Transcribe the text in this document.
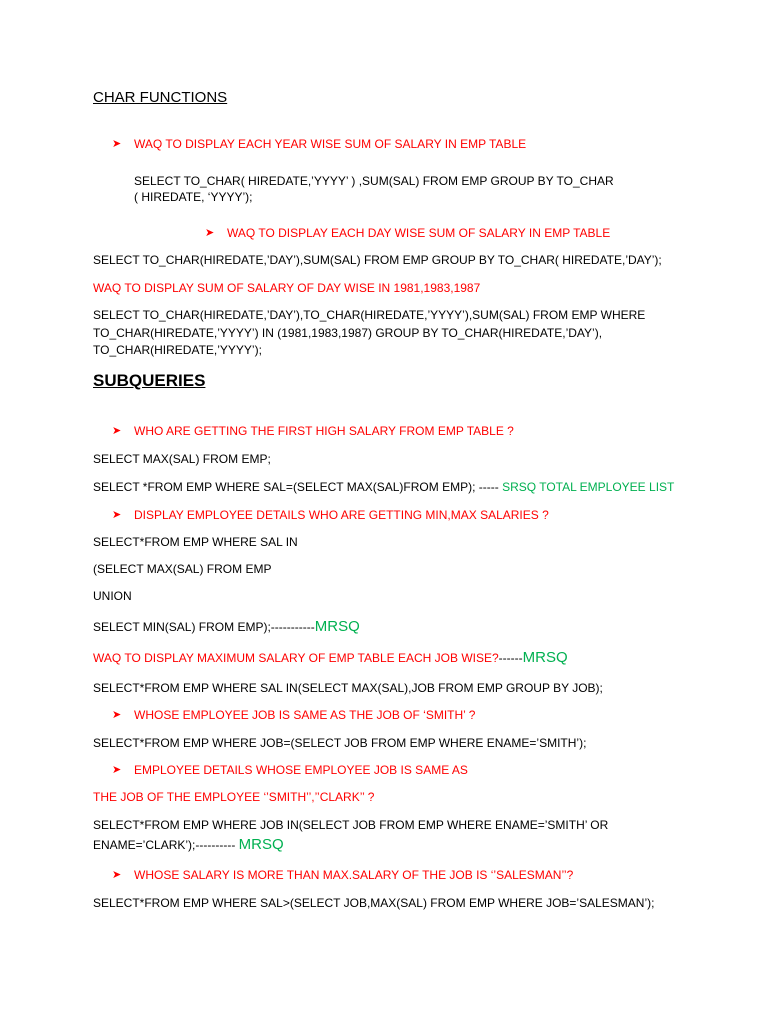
CHAR FUNCTIONS
➤ WAQ TO DISPLAY EACH YEAR WISE SUM OF SALARY IN EMP TABLE
SELECT TO_CHAR( HIREDATE,’YYYY’ ) ,SUM(SAL) FROM EMP GROUP BY TO_CHAR
( HIREDATE, ‘YYYY’);
➤ WAQ TO DISPLAY EACH DAY WISE SUM OF SALARY IN EMP TABLE
SELECT TO_CHAR(HIREDATE,’DAY’),SUM(SAL) FROM EMP GROUP BY TO_CHAR( HIREDATE,’DAY’);
WAQ TO DISPLAY SUM OF SALARY OF DAY WISE IN 1981,1983,1987
SELECT TO_CHAR(HIREDATE,’DAY’),TO_CHAR(HIREDATE,’YYYY’),SUM(SAL) FROM EMP WHERE
TO_CHAR(HIREDATE,’YYYY’) IN (1981,1983,1987) GROUP BY TO_CHAR(HIREDATE,’DAY’),
TO_CHAR(HIREDATE,’YYYY’);
SUBQUERIES
➤ WHO ARE GETTING THE FIRST HIGH SALARY FROM EMP TABLE ?
SELECT MAX(SAL) FROM EMP;
SELECT *FROM EMP WHERE SAL=(SELECT MAX(SAL)FROM EMP); ----- SRSQ TOTAL EMPLOYEE LIST
➤ DISPLAY EMPLOYEE DETAILS WHO ARE GETTING MIN,MAX SALARIES ?
SELECT*FROM EMP WHERE SAL IN
(SELECT MAX(SAL) FROM EMP
UNION
SELECT MIN(SAL) FROM EMP);-----------MRSQ
WAQ TO DISPLAY MAXIMUM SALARY OF EMP TABLE EACH JOB WISE?------MRSQ
SELECT*FROM EMP WHERE SAL IN(SELECT MAX(SAL),JOB FROM EMP GROUP BY JOB);
➤ WHOSE EMPLOYEE JOB IS SAME AS THE JOB OF ‘SMITH’ ?
SELECT*FROM EMP WHERE JOB=(SELECT JOB FROM EMP WHERE ENAME=’SMITH’);
➤ EMPLOYEE DETAILS WHOSE EMPLOYEE JOB IS SAME AS
THE JOB OF THE EMPLOYEE ‘’SMITH’’,’’CLARK’’ ?
SELECT*FROM EMP WHERE JOB IN(SELECT JOB FROM EMP WHERE ENAME=’SMITH’ OR
ENAME=’CLARK’);---------- MRSQ
➤ WHOSE SALARY IS MORE THAN MAX.SALARY OF THE JOB IS ‘’SALESMAN’’?
SELECT*FROM EMP WHERE SAL>(SELECT JOB,MAX(SAL) FROM EMP WHERE JOB=’SALESMAN’);
